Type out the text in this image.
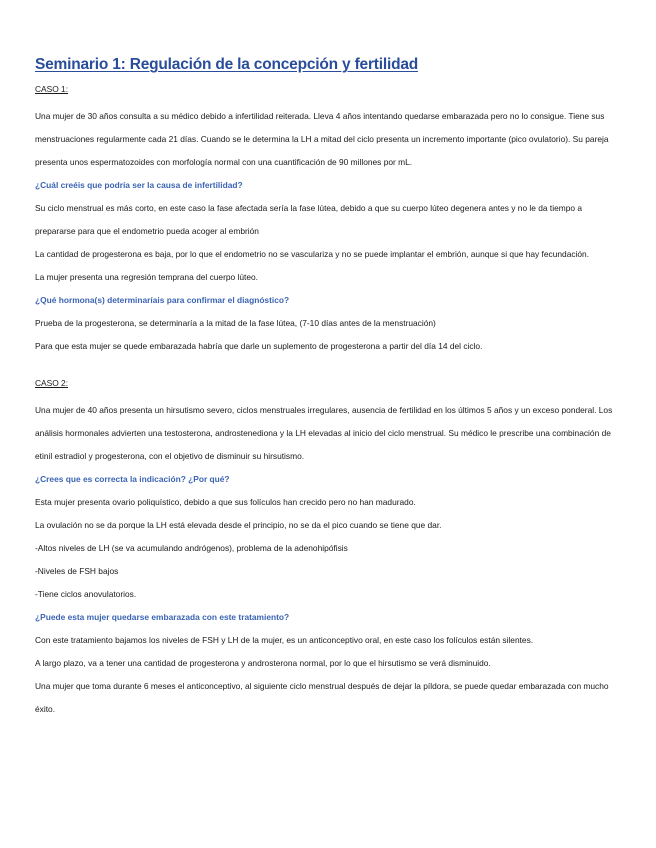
Seminario 1: Regulación de la concepción y fertilidad

CASO 1:

Una mujer de 30 años consulta a su médico debido a infertilidad reiterada. Lleva 4 años intentando quedarse embarazada pero no lo consigue. Tiene sus menstruaciones regularmente cada 21 días. Cuando se le determina la LH a mitad del ciclo presenta un incremento importante (pico ovulatorio). Su pareja presenta unos espermatozoides con morfología normal con una cuantificación de 90 millones por mL.

¿Cuál creéis que podría ser la causa de infertilidad?

Su ciclo menstrual es más corto, en este caso la fase afectada sería la fase lútea, debido a que su cuerpo lúteo degenera antes y no le da tiempo a prepararse para que el endometrio pueda acoger al embrión

La cantidad de progesterona es baja, por lo que el endometrio no se vasculariza y no se puede implantar el embrión, aunque si que hay fecundación.

La mujer presenta una regresión temprana del cuerpo lúteo.

¿Qué hormona(s) determinaríais para confirmar el diagnóstico?

Prueba de la progesterona, se determinaría a la mitad de la fase lútea, (7-10 días antes de la menstruación)

Para que esta mujer se quede embarazada habría que darle un suplemento de progesterona a partir del día 14 del ciclo.

CASO 2:

Una mujer de 40 años presenta un hirsutismo severo, ciclos menstruales irregulares, ausencia de fertilidad en los últimos 5 años y un exceso ponderal. Los análisis hormonales advierten una testosterona, androstenediona y la LH elevadas al inicio del ciclo menstrual. Su médico le prescribe una combinación de etinil estradiol y progesterona, con el objetivo de disminuir su hirsutismo.

¿Crees que es correcta la indicación? ¿Por qué?

Esta mujer presenta ovario poliquístico, debido a que sus folículos han crecido pero no han madurado.

La ovulación no se da porque la LH está elevada desde el principio, no se da el pico cuando se tiene que dar.

-Altos niveles de LH (se va acumulando andrógenos), problema de la adenohipófisis

-Niveles de FSH bajos

-Tiene ciclos anovulatorios.

¿Puede esta mujer quedarse embarazada con este tratamiento?

Con este tratamiento bajamos los niveles de FSH y LH de la mujer, es un anticonceptivo oral, en este caso los folículos están silentes.

A largo plazo, va a tener una cantidad de progesterona y androsterona normal, por lo que el hirsutismo se verá disminuido.

Una mujer que toma durante 6 meses el anticonceptivo, al siguiente ciclo menstrual después de dejar la píldora, se puede quedar embarazada con mucho éxito.
